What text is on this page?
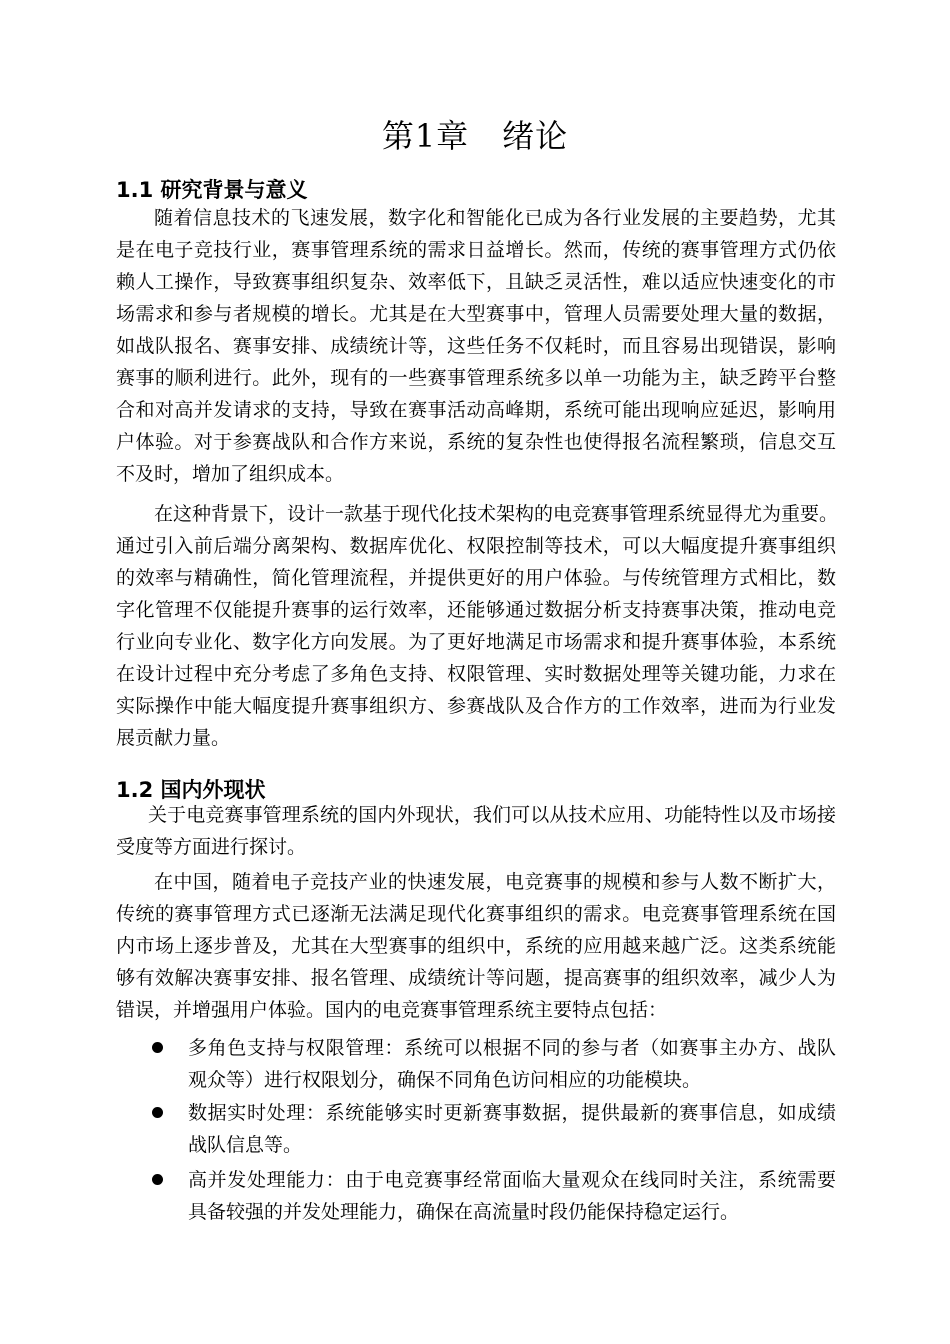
第1章　绪论
1.1 研究背景与意义
随着信息技术的飞速发展，数字化和智能化已成为各行业发展的主要趋势，尤其
是在电子竞技行业，赛事管理系统的需求日益增长。然而，传统的赛事管理方式仍依
赖人工操作，导致赛事组织复杂、效率低下，且缺乏灵活性，难以适应快速变化的市
场需求和参与者规模的增长。尤其是在大型赛事中，管理人员需要处理大量的数据，
如战队报名、赛事安排、成绩统计等，这些任务不仅耗时，而且容易出现错误，影响
赛事的顺利进行。此外，现有的一些赛事管理系统多以单一功能为主，缺乏跨平台整
合和对高并发请求的支持，导致在赛事活动高峰期，系统可能出现响应延迟，影响用
户体验。对于参赛战队和合作方来说，系统的复杂性也使得报名流程繁琐，信息交互
不及时，增加了组织成本。
在这种背景下，设计一款基于现代化技术架构的电竞赛事管理系统显得尤为重要。
通过引入前后端分离架构、数据库优化、权限控制等技术，可以大幅度提升赛事组织
的效率与精确性，简化管理流程，并提供更好的用户体验。与传统管理方式相比，数
字化管理不仅能提升赛事的运行效率，还能够通过数据分析支持赛事决策，推动电竞
行业向专业化、数字化方向发展。为了更好地满足市场需求和提升赛事体验，本系统
在设计过程中充分考虑了多角色支持、权限管理、实时数据处理等关键功能，力求在
实际操作中能大幅度提升赛事组织方、参赛战队及合作方的工作效率，进而为行业发
展贡献力量。
1.2 国内外现状
关于电竞赛事管理系统的国内外现状，我们可以从技术应用、功能特性以及市场接
受度等方面进行探讨。
在中国，随着电子竞技产业的快速发展，电竞赛事的规模和参与人数不断扩大，
传统的赛事管理方式已逐渐无法满足现代化赛事组织的需求。电竞赛事管理系统在国
内市场上逐步普及，尤其在大型赛事的组织中，系统的应用越来越广泛。这类系统能
够有效解决赛事安排、报名管理、成绩统计等问题，提高赛事的组织效率，减少人为
错误，并增强用户体验。国内的电竞赛事管理系统主要特点包括：
多角色支持与权限管理：系统可以根据不同的参与者（如赛事主办方、战队
观众等）进行权限划分，确保不同角色访问相应的功能模块。
数据实时处理：系统能够实时更新赛事数据，提供最新的赛事信息，如成绩
战队信息等。
高并发处理能力：由于电竞赛事经常面临大量观众在线同时关注，系统需要
具备较强的并发处理能力，确保在高流量时段仍能保持稳定运行。
